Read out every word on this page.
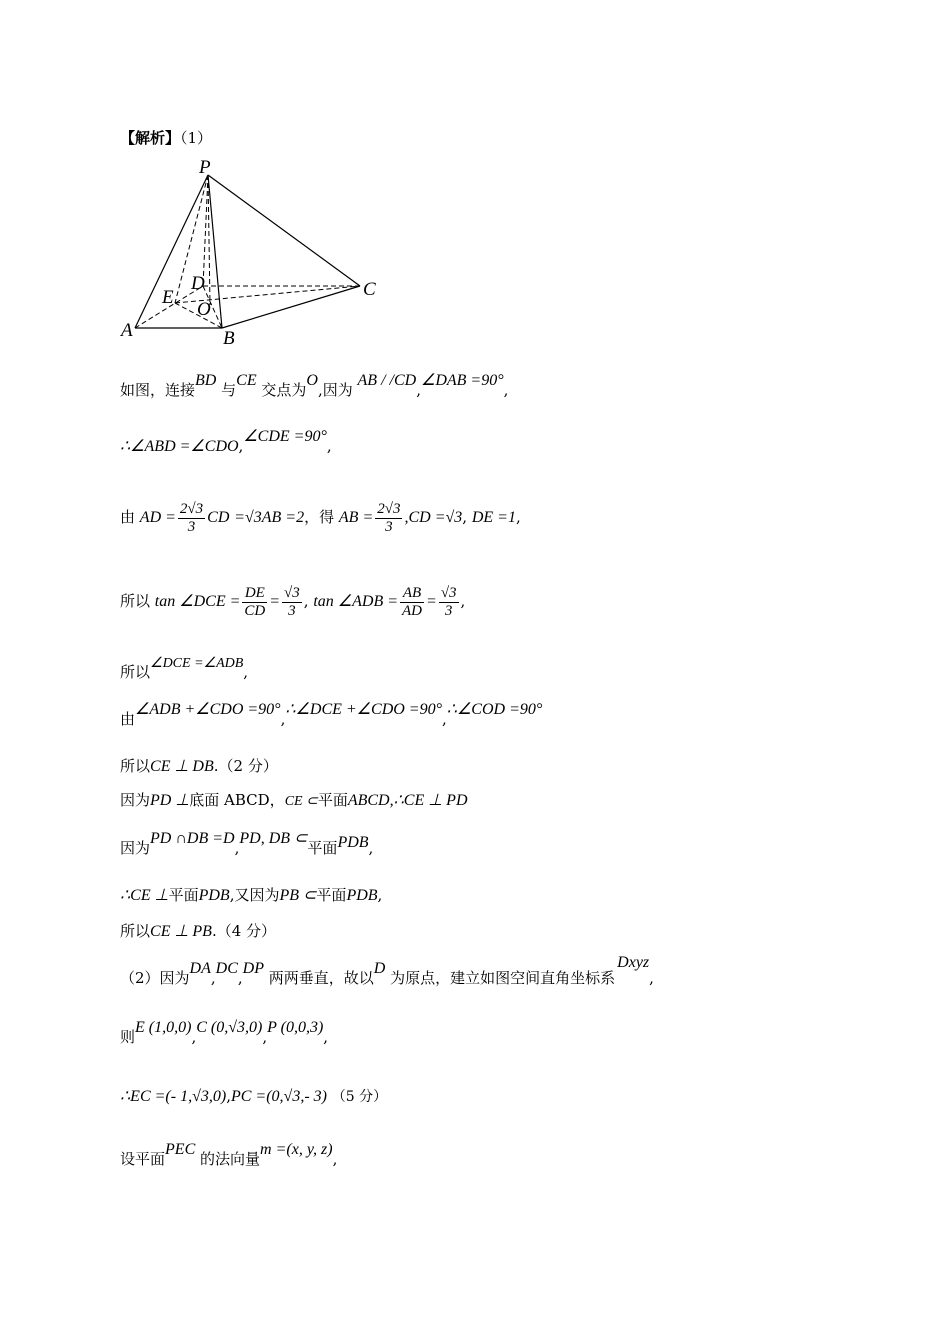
【解析】（1）
P
D
E
O
C
A	B
如图，连接BD 与CE 交点为O,因为 AB / /CD,∠DAB =90°,
∴∠ABD =∠CDO,∠CDE =90°,
由 AD = $\frac{2√3}{3}$ CD =√3AB =2，得 AB = $\frac{2√3}{3} ,CD =√3$, DE =1,
所以 tan ∠DCE = $\frac{DE}{CD} = \frac{√3}{3}$ , tan ∠ADB = $\frac{AB}{AD} = \frac{√3}{3}$ ,
所以∠DCE =∠ADB,
由∠ADB +∠CDO =90°,∴∠DCE +∠CDO =90°,∴∠COD =90°
所以CE ⊥ DB.（2 分）
因为PD ⊥底面 ABCD，CE ⊂平面ABCD,∴CE ⊥ PD
因为PD ∩DB =D,PD, DB ⊂平面PDB,
∴CE ⊥平面PDB,又因为PB ⊂平面PDB,
所以CE ⊥ PB.（4 分）
（2）因为DA,DC,DP 两两垂直，故以D 为原点，建立如图空间直角坐标系Dxyz,
则E (1,0,0),C (0,√3,0),P (0,0,3),
∴EC =(- 1,√3,0),PC =(0,√3,- 3) （5 分）
设平面PEC 的法向量m =(x, y, z),
